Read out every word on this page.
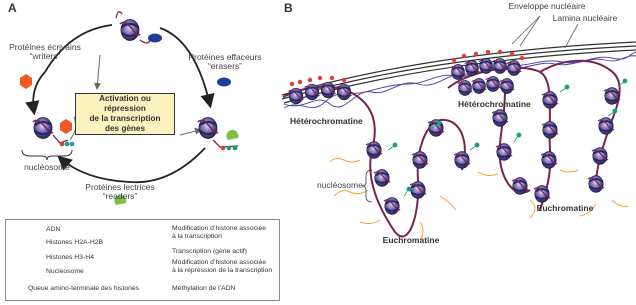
A	B
Protéines écrivains
“writers”	Protéines effaceurs
“erasers”
Activation ou répression
de la transcription
des gènes
nucléosome
Protéines lectrices
“readers”
Enveloppe nucléaire
Lamina nucléaire
Hétérochromatine
Hétérochromatine
nucléosome
Euchromatine
Euchromatine
ADN
Histones H2A-H2B
Histones H3-H4
Nucleosome
Queue amino-terminale des histones
Modification d’histone associée
à la transcription
Transcription (gène actif)
Modification d’histone associée
à la répression de la transcription
Méthylation de l’ADN
